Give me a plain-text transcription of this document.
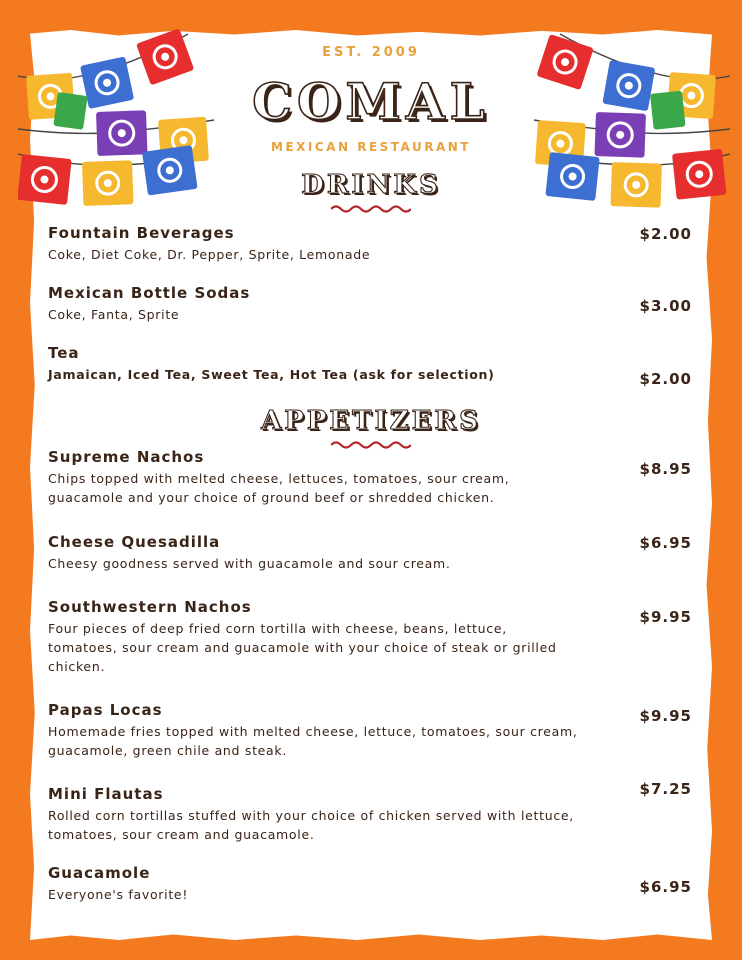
EST. 2009
COMAL
MEXICAN RESTAURANT
DRINKS
Fountain Beverages
Coke, Diet Coke, Dr. Pepper, Sprite, Lemonade
$2.00
Mexican Bottle Sodas
Coke, Fanta, Sprite	$3.00
Tea
Jamaican, Iced Tea, Sweet Tea, Hot Tea (ask for selection)	$2.00
APPETIZERS
Supreme Nachos
Chips topped with melted cheese, lettuces, tomatoes, sour cream,
guacamole and your choice of ground beef or shredded chicken.
$8.95
Cheese Quesadilla
Cheesy goodness served with guacamole and sour cream.
$6.95
Southwestern Nachos
Four pieces of deep fried corn tortilla with cheese, beans, lettuce,
tomatoes, sour cream and guacamole with your choice of steak or grilled
chicken.
$9.95
Papas Locas
Homemade fries topped with melted cheese, lettuce, tomatoes, sour cream,
guacamole, green chile and steak.
$9.95
Mini Flautas
Rolled corn tortillas stuffed with your choice of chicken served with lettuce,
tomatoes, sour cream and guacamole.
$7.25
Guacamole
Everyone's favorite!	$6.95
